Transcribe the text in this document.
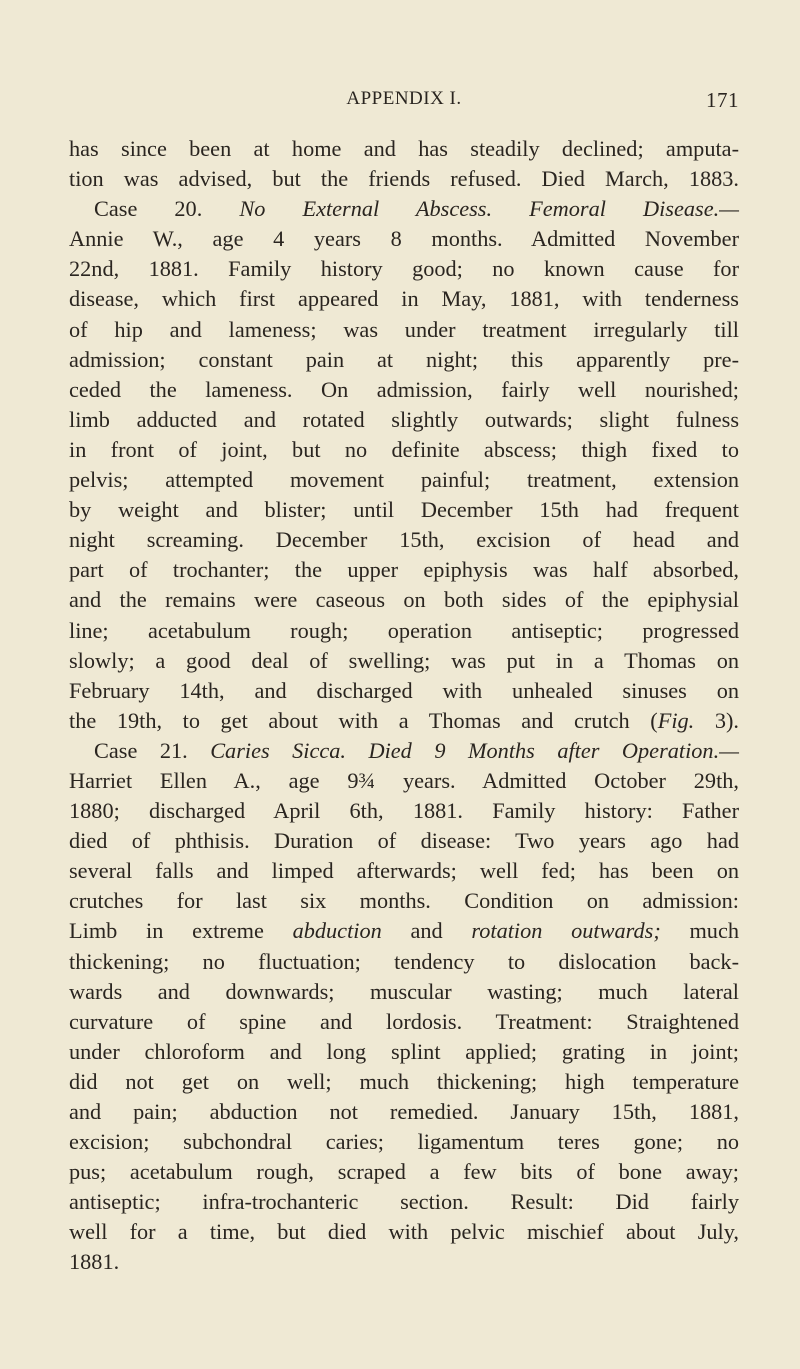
APPENDIX I.	171
has since been at home and has steadily declined; amputa-
tion was advised, but the friends refused. Died March, 1883.
Case 20. No External Abscess. Femoral Disease.—
Annie W., age 4 years 8 months. Admitted November
22nd, 1881. Family history good; no known cause for
disease, which first appeared in May, 1881, with tenderness
of hip and lameness; was under treatment irregularly till
admission; constant pain at night; this apparently pre-
ceded the lameness. On admission, fairly well nourished;
limb adducted and rotated slightly outwards; slight fulness
in front of joint, but no definite abscess; thigh fixed to
pelvis; attempted movement painful; treatment, extension
by weight and blister; until December 15th had frequent
night screaming. December 15th, excision of head and
part of trochanter; the upper epiphysis was half absorbed,
and the remains were caseous on both sides of the epiphysial
line; acetabulum rough; operation antiseptic; progressed
slowly; a good deal of swelling; was put in a Thomas on
February 14th, and discharged with unhealed sinuses on
the 19th, to get about with a Thomas and crutch (Fig. 3).
Case 21. Caries Sicca. Died 9 Months after Operation.—
Harriet Ellen A., age 9¾ years. Admitted October 29th,
1880; discharged April 6th, 1881. Family history: Father
died of phthisis. Duration of disease: Two years ago had
several falls and limped afterwards; well fed; has been on
crutches for last six months. Condition on admission:
Limb in extreme abduction and rotation outwards; much
thickening; no fluctuation; tendency to dislocation back-
wards and downwards; muscular wasting; much lateral
curvature of spine and lordosis. Treatment: Straightened
under chloroform and long splint applied; grating in joint;
did not get on well; much thickening; high temperature
and pain; abduction not remedied. January 15th, 1881,
excision; subchondral caries; ligamentum teres gone; no
pus; acetabulum rough, scraped a few bits of bone away;
antiseptic; infra-trochanteric section. Result: Did fairly
well for a time, but died with pelvic mischief about July,
1881.
